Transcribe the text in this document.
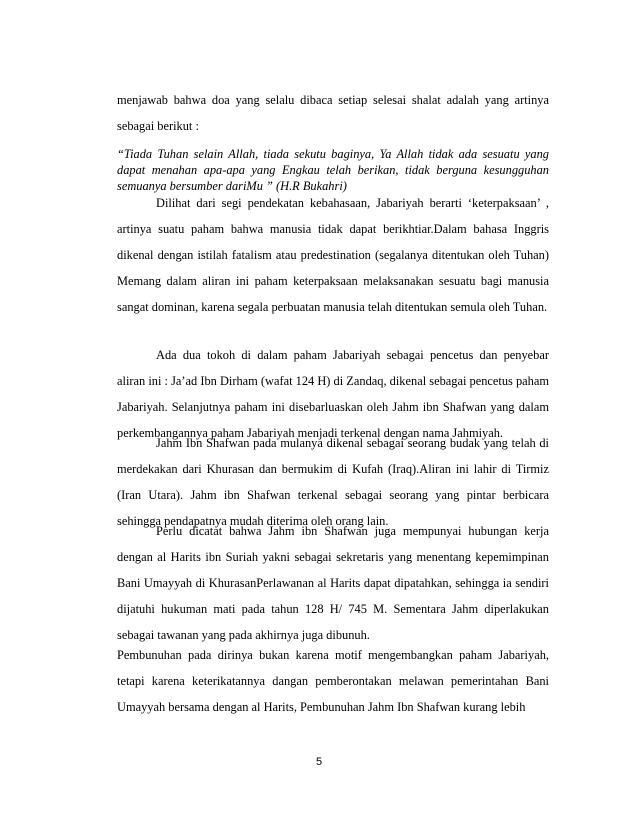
menjawab bahwa doa yang selalu dibaca setiap selesai shalat adalah yang artinya sebagai berikut :

“Tiada Tuhan selain Allah, tiada sekutu baginya, Ya Allah tidak ada sesuatu yang dapat menahan apa-apa yang Engkau telah berikan, tidak berguna kesungguhan semuanya bersumber dariMu ” (H.R Bukahri)

Dilihat dari segi pendekatan kebahasaan, Jabariyah berarti ‘keterpaksaan’ , artinya suatu paham bahwa manusia tidak dapat berikhtiar.Dalam bahasa Inggris dikenal dengan istilah fatalism atau predestination (segalanya ditentukan oleh Tuhan) Memang dalam aliran ini paham keterpaksaan melaksanakan sesuatu bagi manusia sangat dominan, karena segala perbuatan manusia telah ditentukan semula oleh Tuhan.

Ada dua tokoh di dalam paham Jabariyah sebagai pencetus dan penyebar aliran ini : Ja’ad Ibn Dirham (wafat 124 H) di Zandaq, dikenal sebagai pencetus paham Jabariyah. Selanjutnya paham ini disebarluaskan oleh Jahm ibn Shafwan yang dalam perkembangannya paham Jabariyah menjadi terkenal dengan nama Jahmiyah.

Jahm Ibn Shafwan pada mulanya dikenal sebagai seorang budak yang telah di merdekakan dari Khurasan dan bermukim di Kufah (Iraq).Aliran ini lahir di Tirmiz (Iran Utara). Jahm ibn Shafwan terkenal sebagai seorang yang pintar berbicara sehingga pendapatnya mudah diterima oleh orang lain.

Perlu dicatat bahwa Jahm ibn Shafwan juga mempunyai hubungan kerja dengan al Harits ibn Suriah yakni sebagai sekretaris yang menentang kepemimpinan Bani Umayyah di KhurasanPerlawanan al Harits dapat dipatahkan, sehingga ia sendiri dijatuhi hukuman mati pada tahun 128 H/ 745 M. Sementara Jahm diperlakukan sebagai tawanan yang pada akhirnya juga dibunuh.

Pembunuhan pada dirinya bukan karena motif mengembangkan paham Jabariyah, tetapi karena keterikatannya dangan pemberontakan melawan pemerintahan Bani Umayyah bersama dengan al Harits, Pembunuhan Jahm Ibn Shafwan kurang lebih

5
